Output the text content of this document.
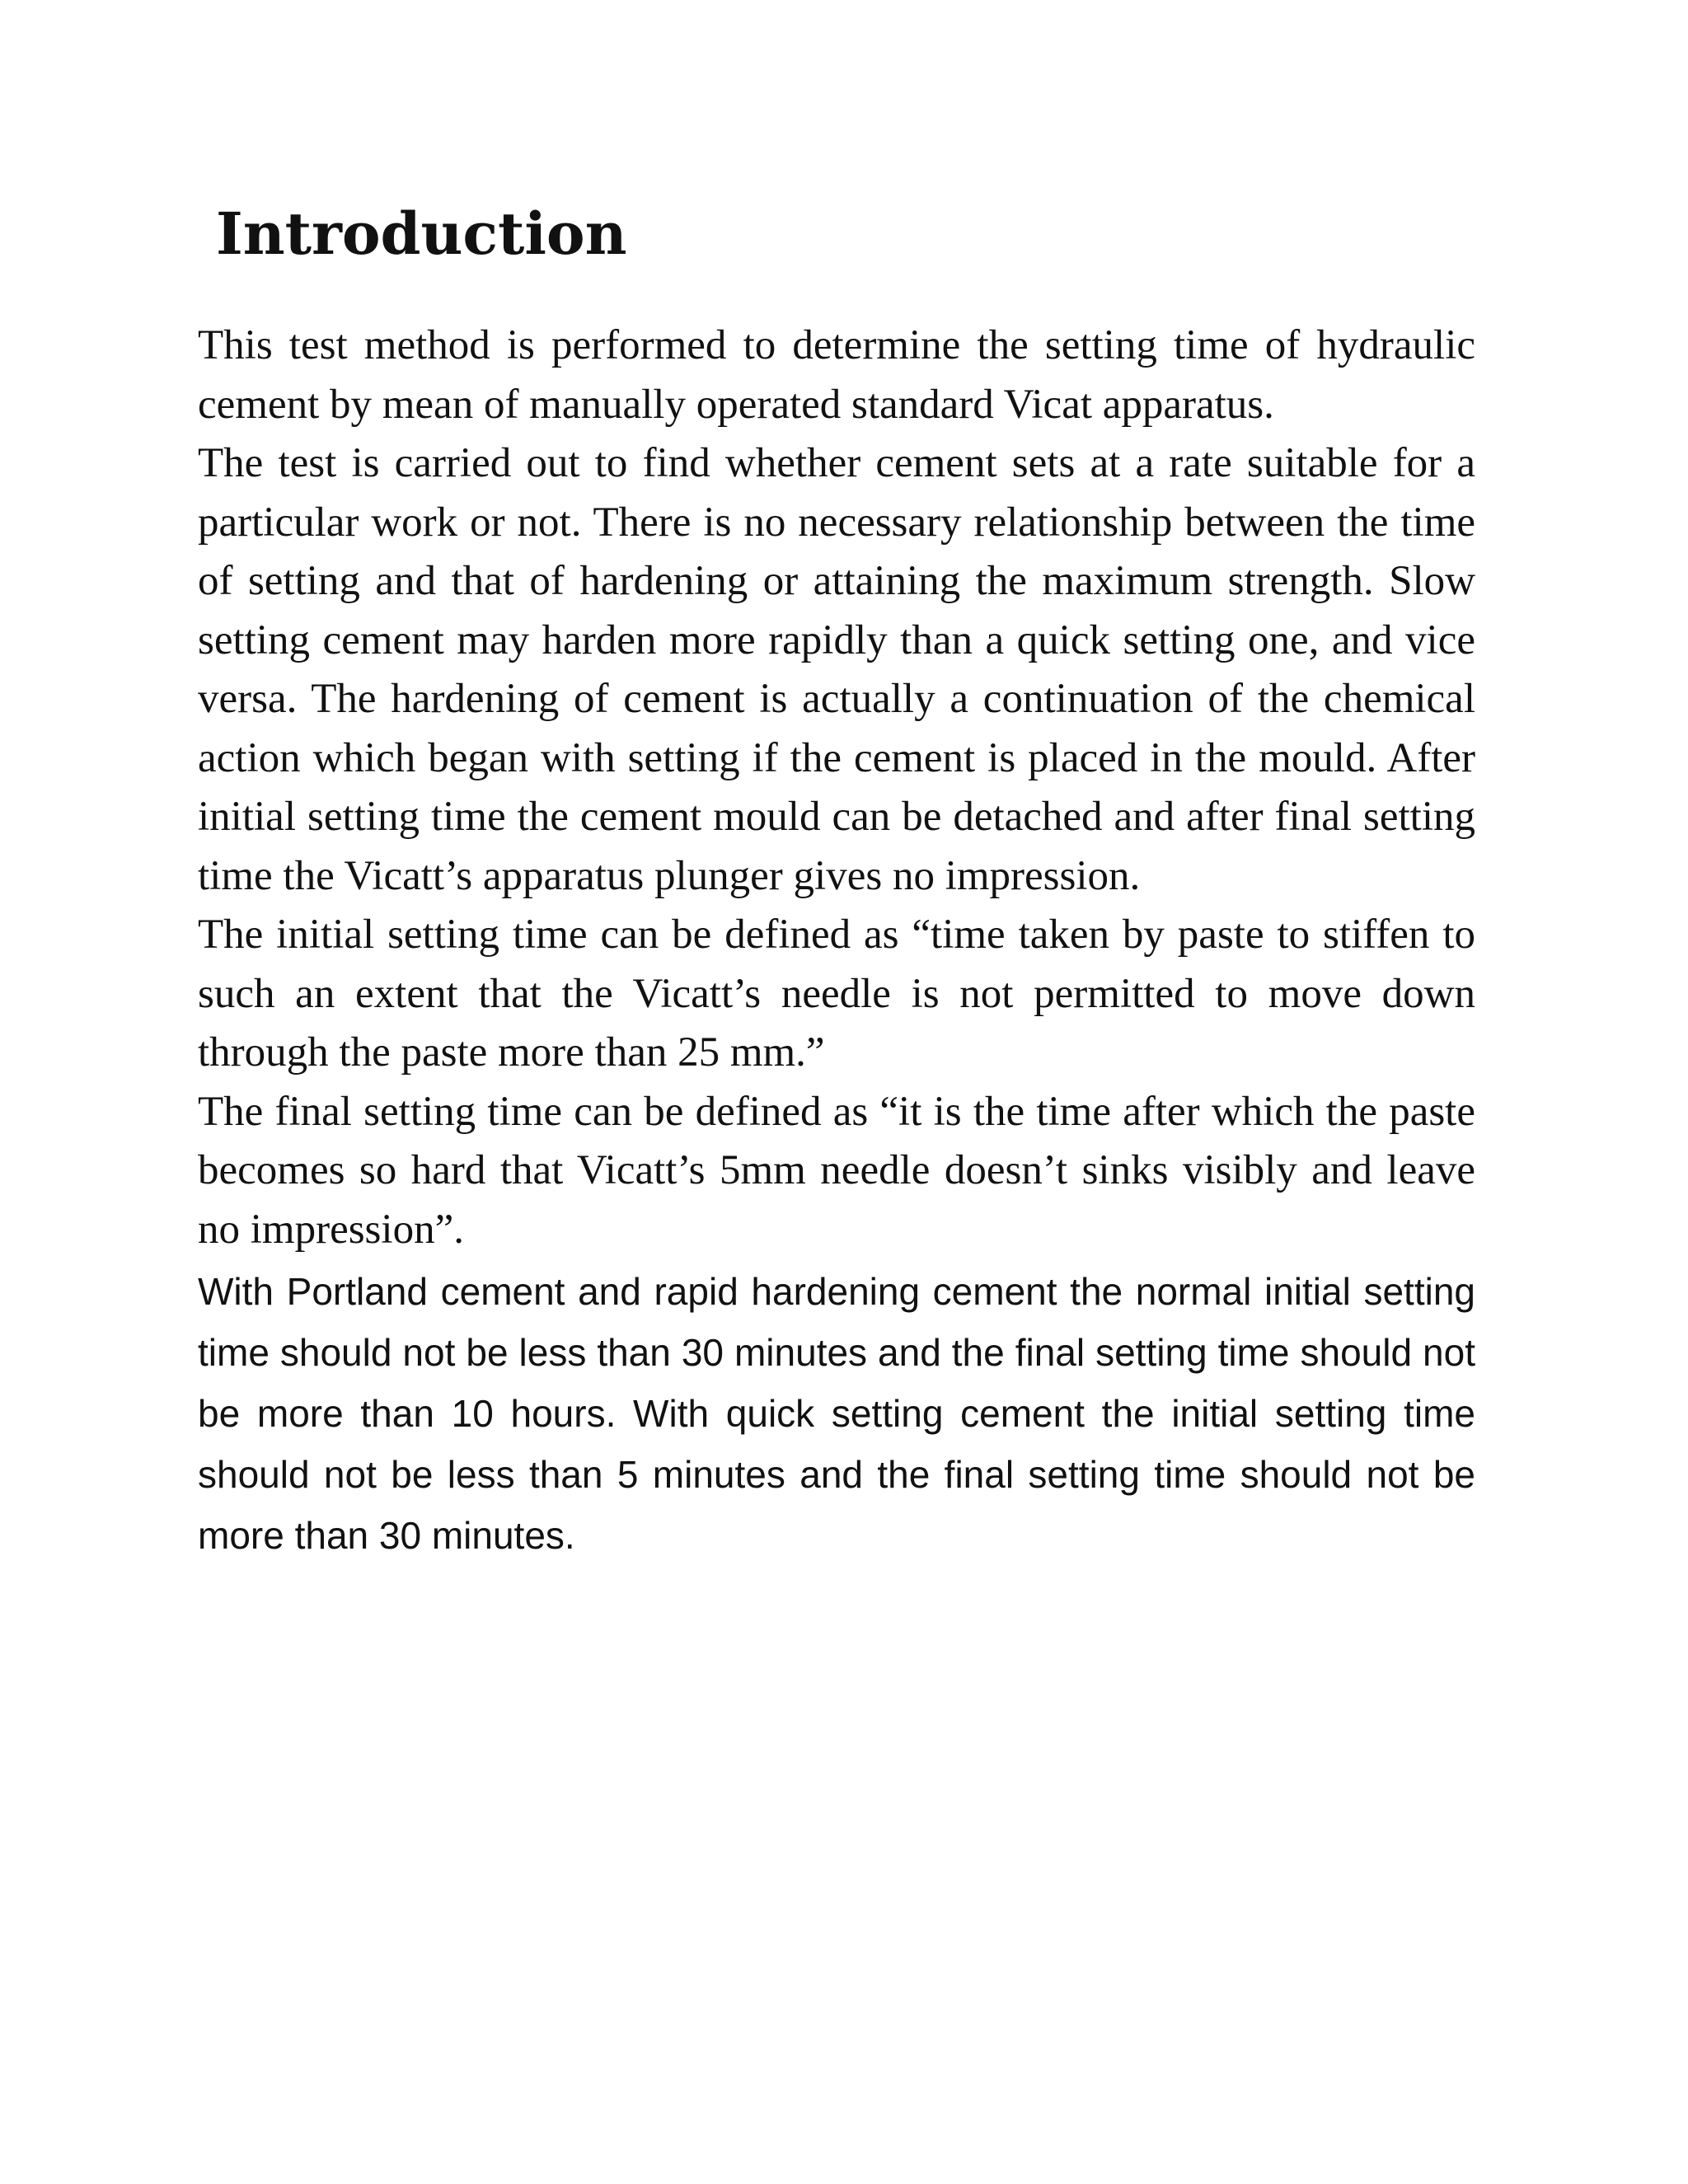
Introduction

This test method is performed to determine the setting time of hydraulic cement by mean of manually operated standard Vicat apparatus.

The test is carried out to find whether cement sets at a rate suitable for a particular work or not. There is no necessary relationship between the time of setting and that of hardening or attaining the maximum strength. Slow setting cement may harden more rapidly than a quick setting one, and vice versa. The hardening of cement is actually a continuation of the chemical action which began with setting if the cement is placed in the mould. After initial setting time the cement mould can be detached and after final setting time the Vicatt’s apparatus plunger gives no impression.

The initial setting time can be defined as “time taken by paste to stiffen to such an extent that the Vicatt’s needle is not permitted to move down through the paste more than 25 mm.”

The final setting time can be defined as “it is the time after which the paste becomes so hard that Vicatt’s 5mm needle doesn’t sinks visibly and leave no impression”.

With Portland cement and rapid hardening cement the normal initial setting time should not be less than 30 minutes and the final setting time should not be more than 10 hours. With quick setting cement the initial setting time should not be less than 5 minutes and the final setting time should not be more than 30 minutes.
